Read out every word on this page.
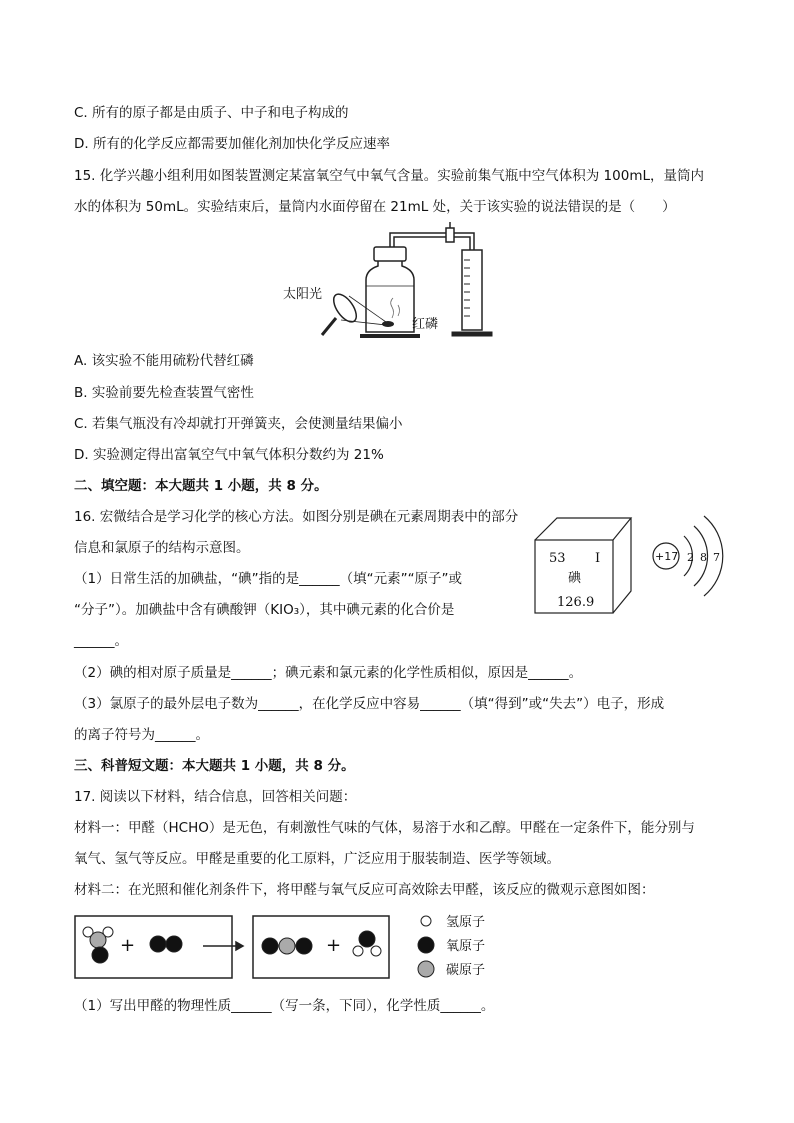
C. 所有的原子都是由质子、中子和电子构成的
D. 所有的化学反应都需要加催化剂加快化学反应速率
15. 化学兴趣小组利用如图装置测定某富氧空气中氧气含量。实验前集气瓶中空气体积为 100mL，量筒内
水的体积为 50mL。实验结束后，量筒内水面停留在 21mL 处，关于该实验的说法错误的是（　　）
太阳光
红磷
A. 该实验不能用硫粉代替红磷
B. 实验前要先检查装置气密性
C. 若集气瓶没有冷却就打开弹簧夹，会使测量结果偏小
D. 实验测定得出富氧空气中氧气体积分数约为 21%
二、填空题：本大题共 1 小题，共 8 分。
16. 宏微结合是学习化学的核心方法。如图分别是碘在元素周期表中的部分
信息和氯原子的结构示意图。
（1）日常生活的加碘盐，“碘”指的是______（填“元素”“原子”或
“分子”）。加碘盐中含有碘酸钾（KIO₃），其中碘元素的化合价是
______。
53 I
碘
126.9
+17 2 8 7
（2）碘的相对原子质量是______；碘元素和氯元素的化学性质相似，原因是______。
（3）氯原子的最外层电子数为______，在化学反应中容易______（填“得到”或“失去”）电子，形成
的离子符号为______。
三、科普短文题：本大题共 1 小题，共 8 分。
17. 阅读以下材料，结合信息，回答相关问题：
材料一：甲醛（HCHO）是无色，有刺激性气味的气体，易溶于水和乙醇。甲醛在一定条件下，能分别与
氧气、氢气等反应。甲醛是重要的化工原料，广泛应用于服装制造、医学等领域。
材料二：在光照和催化剂条件下，将甲醛与氧气反应可高效除去甲醛，该反应的微观示意图如图：
+	+
氢原子
氧原子
碳原子
（1）写出甲醛的物理性质______（写一条，下同），化学性质______。
